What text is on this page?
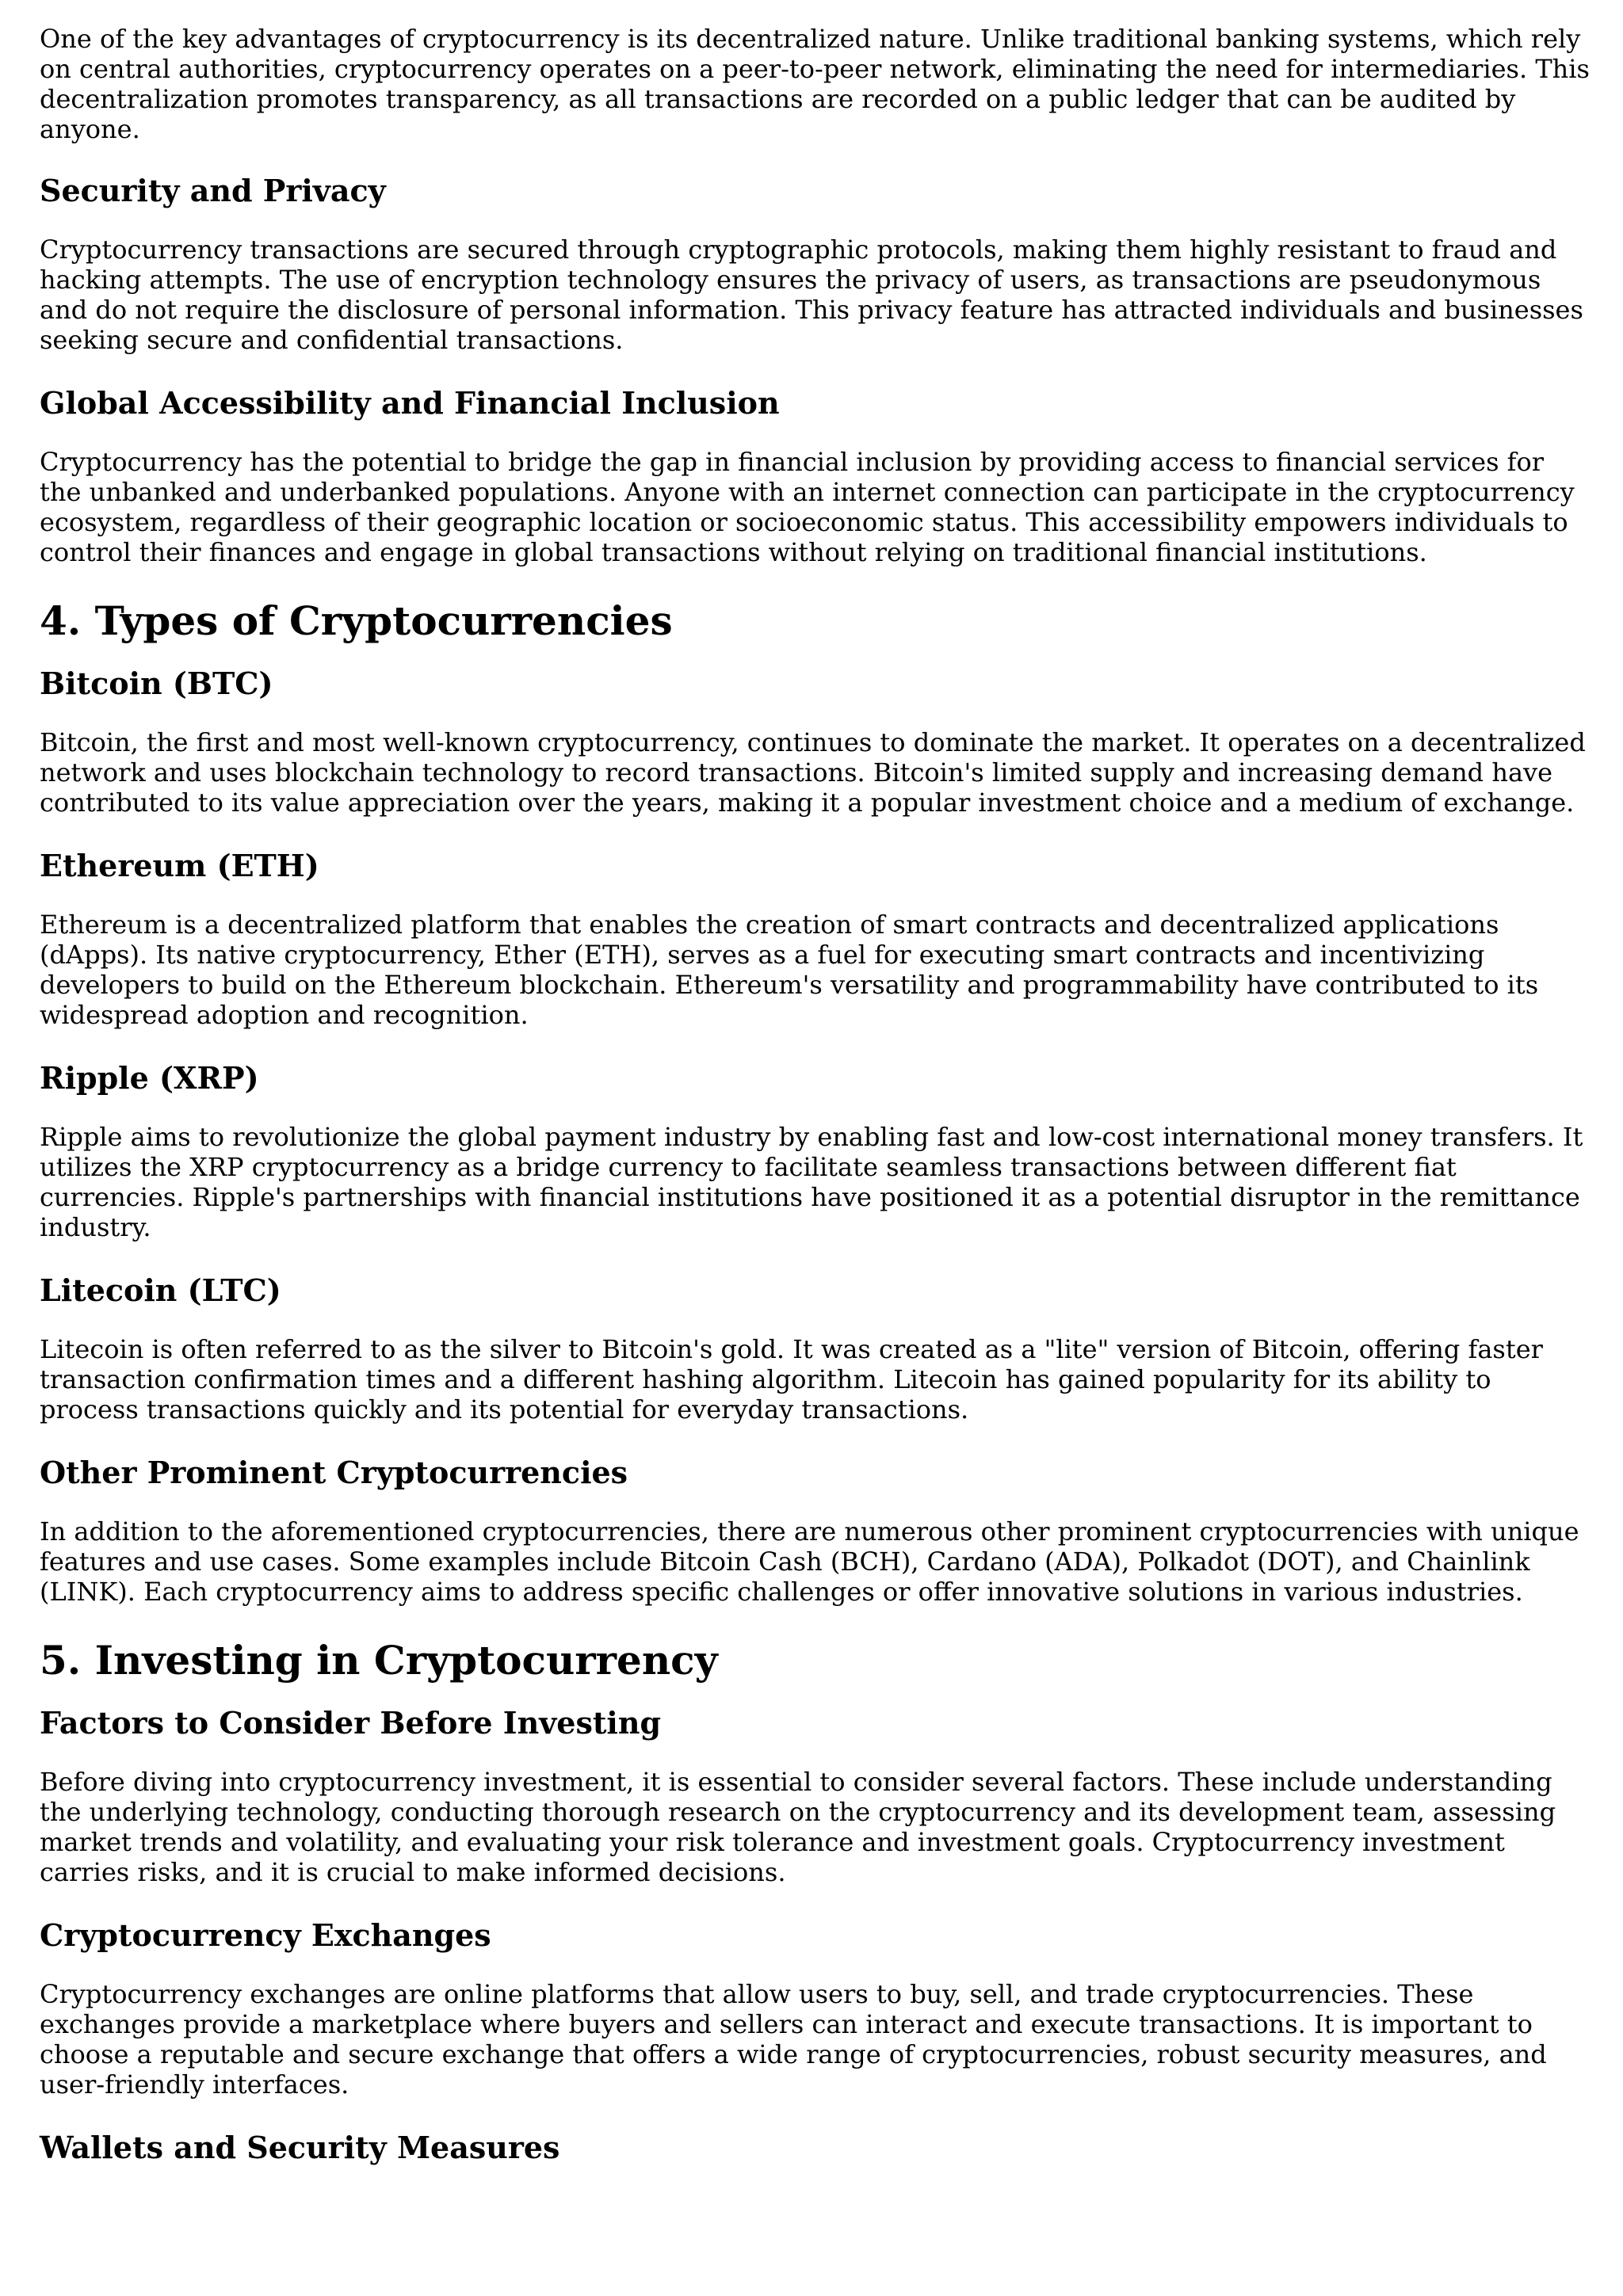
One of the key advantages of cryptocurrency is its decentralized nature. Unlike traditional banking systems, which rely on central authorities, cryptocurrency operates on a peer-to-peer network, eliminating the need for intermediaries. This decentralization promotes transparency, as all transactions are recorded on a public ledger that can be audited by anyone.

Security and Privacy

Cryptocurrency transactions are secured through cryptographic protocols, making them highly resistant to fraud and hacking attempts. The use of encryption technology ensures the privacy of users, as transactions are pseudonymous and do not require the disclosure of personal information. This privacy feature has attracted individuals and businesses seeking secure and confidential transactions.

Global Accessibility and Financial Inclusion

Cryptocurrency has the potential to bridge the gap in financial inclusion by providing access to financial services for the unbanked and underbanked populations. Anyone with an internet connection can participate in the cryptocurrency ecosystem, regardless of their geographic location or socioeconomic status. This accessibility empowers individuals to control their finances and engage in global transactions without relying on traditional financial institutions.

4. Types of Cryptocurrencies
Bitcoin (BTC)

Bitcoin, the first and most well-known cryptocurrency, continues to dominate the market. It operates on a decentralized network and uses blockchain technology to record transactions. Bitcoin's limited supply and increasing demand have contributed to its value appreciation over the years, making it a popular investment choice and a medium of exchange.

Ethereum (ETH)

Ethereum is a decentralized platform that enables the creation of smart contracts and decentralized applications (dApps). Its native cryptocurrency, Ether (ETH), serves as a fuel for executing smart contracts and incentivizing developers to build on the Ethereum blockchain. Ethereum's versatility and programmability have contributed to its widespread adoption and recognition.

Ripple (XRP)

Ripple aims to revolutionize the global payment industry by enabling fast and low-cost international money transfers. It utilizes the XRP cryptocurrency as a bridge currency to facilitate seamless transactions between different fiat currencies. Ripple's partnerships with financial institutions have positioned it as a potential disruptor in the remittance industry.

Litecoin (LTC)

Litecoin is often referred to as the silver to Bitcoin's gold. It was created as a "lite" version of Bitcoin, offering faster transaction confirmation times and a different hashing algorithm. Litecoin has gained popularity for its ability to process transactions quickly and its potential for everyday transactions.

Other Prominent Cryptocurrencies

In addition to the aforementioned cryptocurrencies, there are numerous other prominent cryptocurrencies with unique features and use cases. Some examples include Bitcoin Cash (BCH), Cardano (ADA), Polkadot (DOT), and Chainlink (LINK). Each cryptocurrency aims to address specific challenges or offer innovative solutions in various industries.

5. Investing in Cryptocurrency
Factors to Consider Before Investing

Before diving into cryptocurrency investment, it is essential to consider several factors. These include understanding the underlying technology, conducting thorough research on the cryptocurrency and its development team, assessing market trends and volatility, and evaluating your risk tolerance and investment goals. Cryptocurrency investment carries risks, and it is crucial to make informed decisions.

Cryptocurrency Exchanges

Cryptocurrency exchanges are online platforms that allow users to buy, sell, and trade cryptocurrencies. These exchanges provide a marketplace where buyers and sellers can interact and execute transactions. It is important to choose a reputable and secure exchange that offers a wide range of cryptocurrencies, robust security measures, and user-friendly interfaces.

Wallets and Security Measures
